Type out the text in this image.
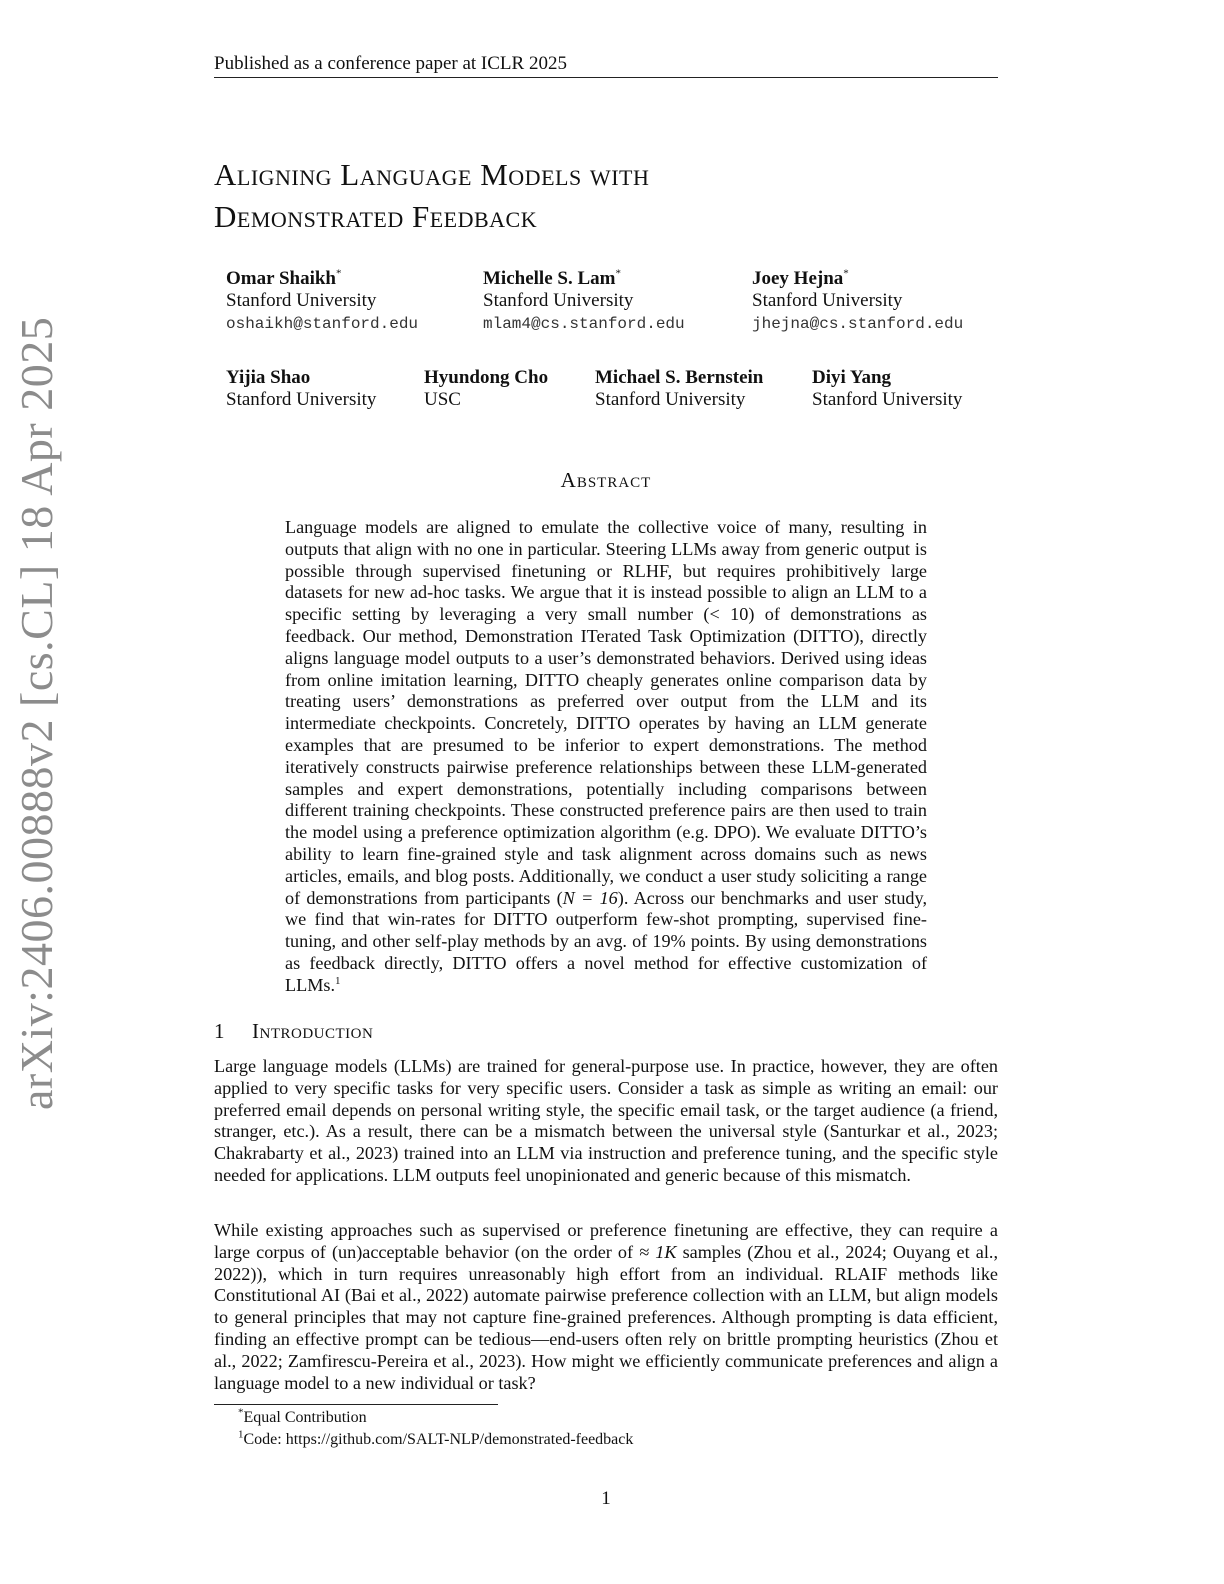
Published as a conference paper at ICLR 2025
arXiv:2406.00888v2 [cs.CL] 18 Apr 2025
Aligning Language Models with
Demonstrated Feedback
Omar Shaikh*
Stanford University
oshaikh@stanford.edu
Michelle S. Lam*
Stanford University
mlam4@cs.stanford.edu
Joey Hejna*
Stanford University
jhejna@cs.stanford.edu
Yijia Shao
Stanford University
Hyundong Cho
USC
Michael S. Bernstein
Stanford University
Diyi Yang
Stanford University
Abstract
Language models are aligned to emulate the collective voice of many, resulting in outputs that align with no one in particular. Steering LLMs away from generic output is possible through supervised finetuning or RLHF, but requires prohibitively large datasets for new ad-hoc tasks. We argue that it is instead possible to align an LLM to a specific setting by leveraging a very small number (< 10) of demonstrations as feedback. Our method, Demonstration ITerated Task Optimization (DITTO), directly aligns language model outputs to a user’s demonstrated behaviors. Derived using ideas from online imitation learning, DITTO cheaply generates online comparison data by treating users’ demonstrations as preferred over output from the LLM and its intermediate checkpoints. Concretely, DITTO operates by having an LLM generate examples that are presumed to be inferior to expert demonstrations. The method iteratively constructs pairwise preference relationships between these LLM-generated samples and expert demonstrations, potentially including comparisons between different training checkpoints. These constructed preference pairs are then used to train the model using a preference optimization algorithm (e.g. DPO). We evaluate DITTO’s ability to learn fine-grained style and task alignment across domains such as news articles, emails, and blog posts. Additionally, we conduct a user study soliciting a range of demonstrations from participants (N = 16). Across our benchmarks and user study, we find that win-rates for DITTO outperform few-shot prompting, supervised fine-tuning, and other self-play methods by an avg. of 19% points. By using demonstrations as feedback directly, DITTO offers a novel method for effective customization of LLMs.$^1$
1 Introduction
Large language models (LLMs) are trained for general-purpose use. In practice, however, they are often applied to very specific tasks for very specific users. Consider a task as simple as writing an email: our preferred email depends on personal writing style, the specific email task, or the target audience (a friend, stranger, etc.). As a result, there can be a mismatch between the universal style (Santurkar et al., 2023; Chakrabarty et al., 2023) trained into an LLM via instruction and preference tuning, and the specific style needed for applications. LLM outputs feel unopinionated and generic because of this mismatch.
While existing approaches such as supervised or preference finetuning are effective, they can require a large corpus of (un)acceptable behavior (on the order of ≈ 1K samples (Zhou et al., 2024; Ouyang et al., 2022)), which in turn requires unreasonably high effort from an individual. RLAIF methods like Constitutional AI (Bai et al., 2022) automate pairwise preference collection with an LLM, but align models to general principles that may not capture fine-grained preferences. Although prompting is data efficient, finding an effective prompt can be tedious—end-users often rely on brittle prompting heuristics (Zhou et al., 2022; Zamfirescu-Pereira et al., 2023). How might we efficiently communicate preferences and align a language model to a new individual or task?
*Equal Contribution
$^1$Code: https://github.com/SALT-NLP/demonstrated-feedback
1
